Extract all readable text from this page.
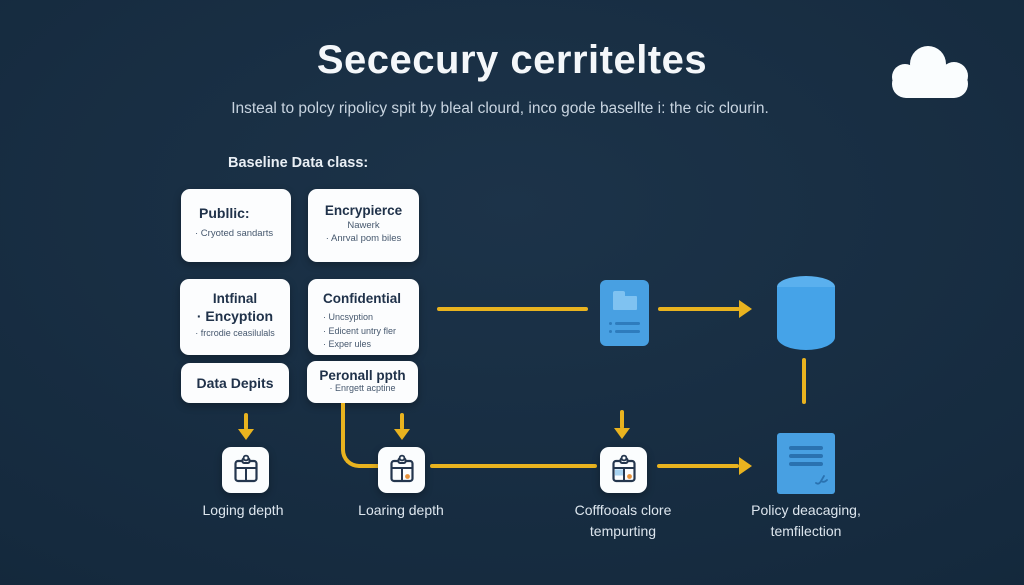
Sececury cerriteltes
Insteal to polcy ripolicy spit by bleal clourd, inco gode basellte i: the cic clourin.
Baseline Data class:
Publlic:
· Cryoted sandarts
Encrypierce
Nawerk
· Anrval pom biles
Intfinal
· Encyption
· frcrodie ceasilulals
Confidential
· Uncsyption
· Edicent untry fler
· Exper ules
Data Depits	Peronall ppth
· Enrgett acptine
Loging depth	Loaring depth	Cofffooals clore
tempurting
Policy deacaging,
temfilection
